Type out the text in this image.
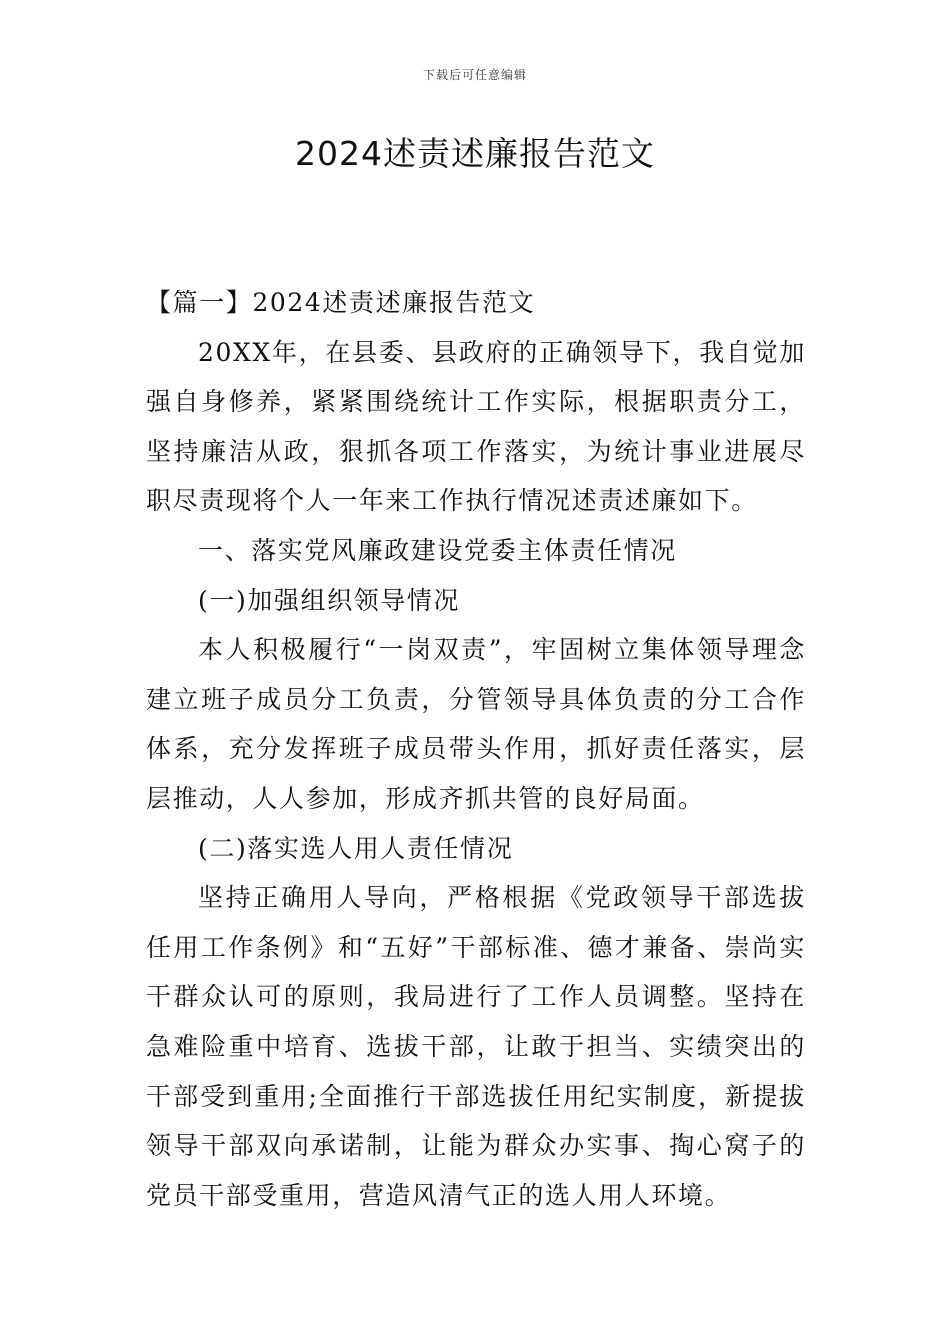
下载后可任意编辑
2024述责述廉报告范文

【篇一】2024述责述廉报告范文

20XX年，在县委、县政府的正确领导下，我自觉加强自身修养，紧紧围绕统计工作实际，根据职责分工，坚持廉洁从政，狠抓各项工作落实，为统计事业进展尽职尽责现将个人一年来工作执行情况述责述廉如下。

一、落实党风廉政建设党委主体责任情况

(一)加强组织领导情况

本人积极履行“一岗双责”，牢固树立集体领导理念建立班子成员分工负责，分管领导具体负责的分工合作体系，充分发挥班子成员带头作用，抓好责任落实，层层推动，人人参加，形成齐抓共管的良好局面。

(二)落实选人用人责任情况

坚持正确用人导向，严格根据《党政领导干部选拔任用工作条例》和“五好”干部标准、德才兼备、崇尚实干群众认可的原则，我局进行了工作人员调整。坚持在急难险重中培育、选拔干部，让敢于担当、实绩突出的干部受到重用;全面推行干部选拔任用纪实制度，新提拔领导干部双向承诺制，让能为群众办实事、掏心窝子的党员干部受重用，营造风清气正的选人用人环境。
